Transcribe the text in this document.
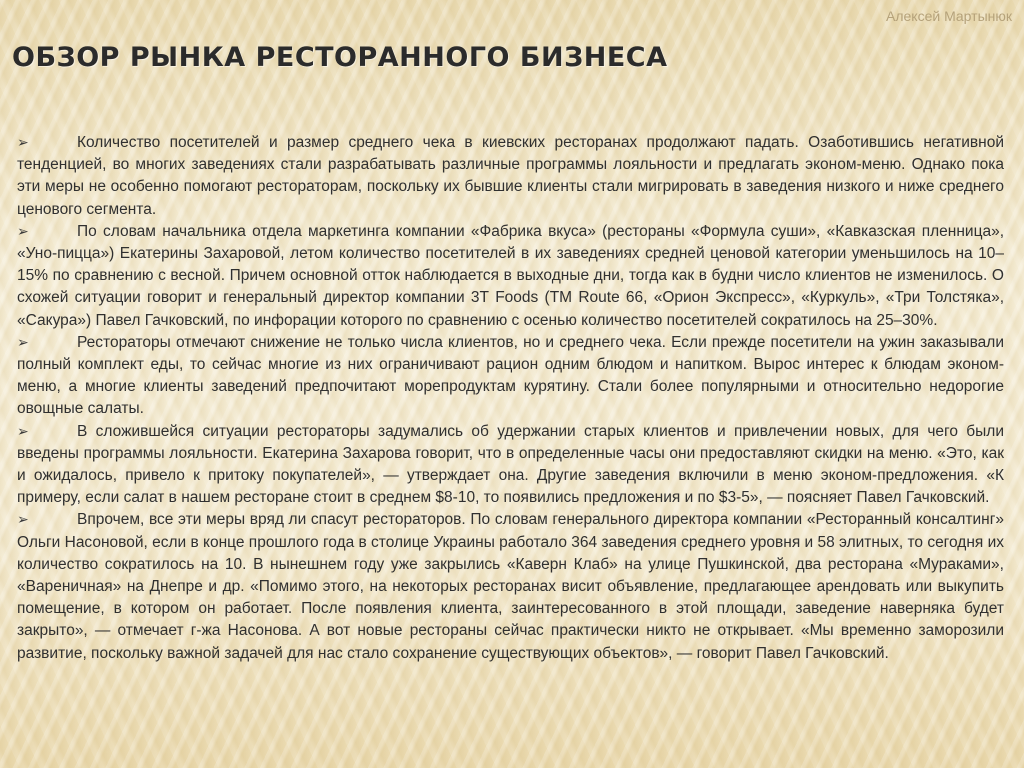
Алексей Мартынюк
ОБЗОР РЫНКА РЕСТОРАННОГО БИЗНЕСА

➢	Количество посетителей и размер среднего чека в киевских ресторанах продолжают падать. Озаботившись негативной тенденцией, во многих заведениях стали разрабатывать различные программы лояльности и предлагать эконом-меню. Однако пока эти меры не особенно помогают рестораторам, поскольку их бывшие клиенты стали мигрировать в заведения низкого и ниже среднего ценового сегмента.

➢	По словам начальника отдела маркетинга компании «Фабрика вкуса» (рестораны «Формула суши», «Кавказская пленница», «Уно-пицца») Екатерины Захаровой, летом количество посетителей в их заведениях средней ценовой категории уменьшилось на 10–15% по сравнению с весной. Причем основной отток наблюдается в выходные дни, тогда как в будни число клиентов не изменилось. О схожей ситуации говорит и генеральный директор компании 3Т Foods (ТМ Route 66, «Орион Экспресс», «Куркуль», «Три Толстяка», «Сакура») Павел Гачковский, по инфорации которого по сравнению с осенью количество посетителей сократилось на 25–30%.

➢	Рестораторы отмечают снижение не только числа клиентов, но и среднего чека. Если прежде посетители на ужин заказывали полный комплект еды, то сейчас многие из них ограничивают рацион одним блюдом и напитком. Вырос интерес к блюдам эконом-меню, а многие клиенты заведений предпочитают морепродуктам курятину. Стали более популярными и относительно недорогие овощные салаты.

➢	В сложившейся ситуации рестораторы задумались об удержании старых клиентов и привлечении новых, для чего были введены программы лояльности. Екатерина Захарова говорит, что в определенные часы они предоставляют скидки на меню. «Это, как и ожидалось, привело к притоку покупателей», — утверждает она. Другие заведения включили в меню эконом-предложения. «К примеру, если салат в нашем ресторане стоит в среднем $8-10, то появились предложения и по $3-5», — поясняет Павел Гачковский.

➢	Впрочем, все эти меры вряд ли спасут рестораторов. По словам генерального директора компании «Ресторанный консалтинг» Ольги Насоновой, если в конце прошлого года в столице Украины работало 364 заведения среднего уровня и 58 элитных, то сегодня их количество сократилось на 10. В нынешнем году уже закрылись «Каверн Клаб» на улице Пушкинской, два ресторана «Мураками», «Вареничная» на Днепре и др. «Помимо этого, на некоторых ресторанах висит объявление, предлагающее арендовать или выкупить помещение, в котором он работает. После появления клиента, заинтересованного в этой площади, заведение наверняка будет закрыто», — отмечает г-жа Насонова. А вот новые рестораны сейчас практически никто не открывает. «Мы временно заморозили развитие, поскольку важной задачей для нас стало сохранение существующих объектов», — говорит Павел Гачковский.
